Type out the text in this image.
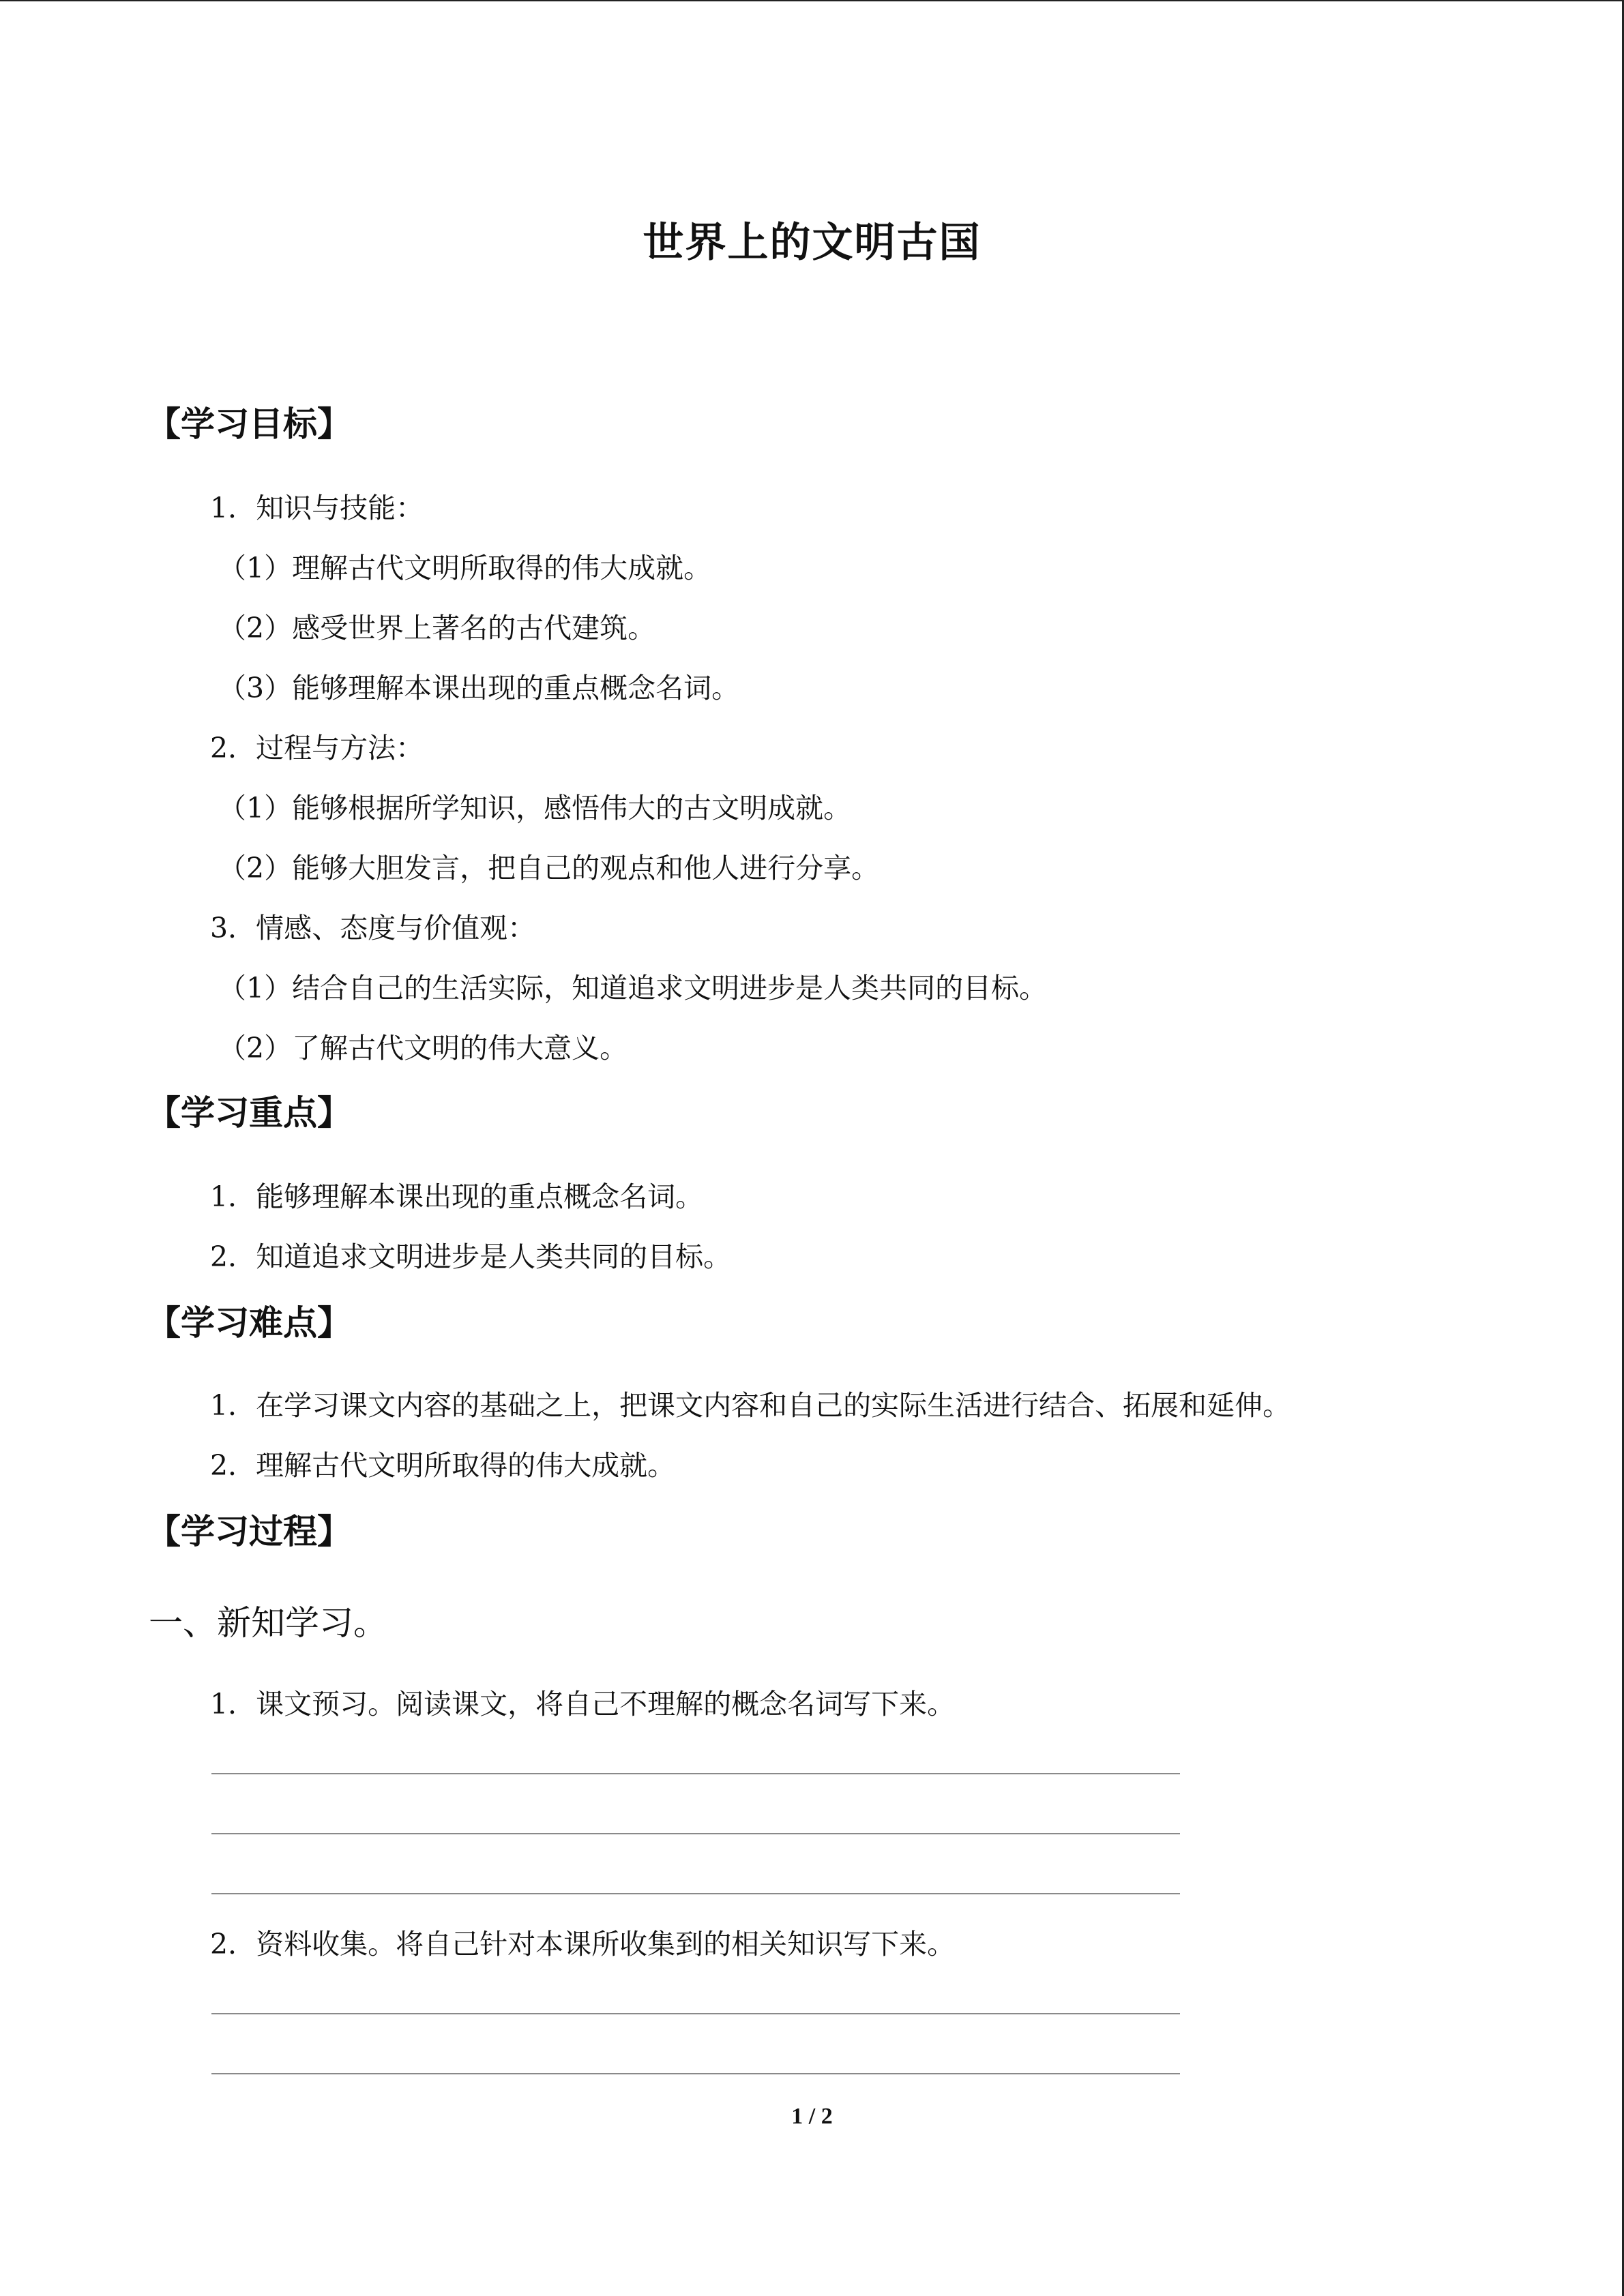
世界上的文明古国
【学习目标】
1．知识与技能：
（1）理解古代文明所取得的伟大成就。
（2）感受世界上著名的古代建筑。
（3）能够理解本课出现的重点概念名词。
2．过程与方法：
（1）能够根据所学知识，感悟伟大的古文明成就。
（2）能够大胆发言，把自己的观点和他人进行分享。
3．情感、态度与价值观：
（1）结合自己的生活实际，知道追求文明进步是人类共同的目标。
（2）了解古代文明的伟大意义。
【学习重点】
1．能够理解本课出现的重点概念名词。
2．知道追求文明进步是人类共同的目标。
【学习难点】
1．在学习课文内容的基础之上，把课文内容和自己的实际生活进行结合、拓展和延伸。
2．理解古代文明所取得的伟大成就。
【学习过程】
一、新知学习。
1．课文预习。阅读课文，将自己不理解的概念名词写下来。
2．资料收集。将自己针对本课所收集到的相关知识写下来。
1 / 2
